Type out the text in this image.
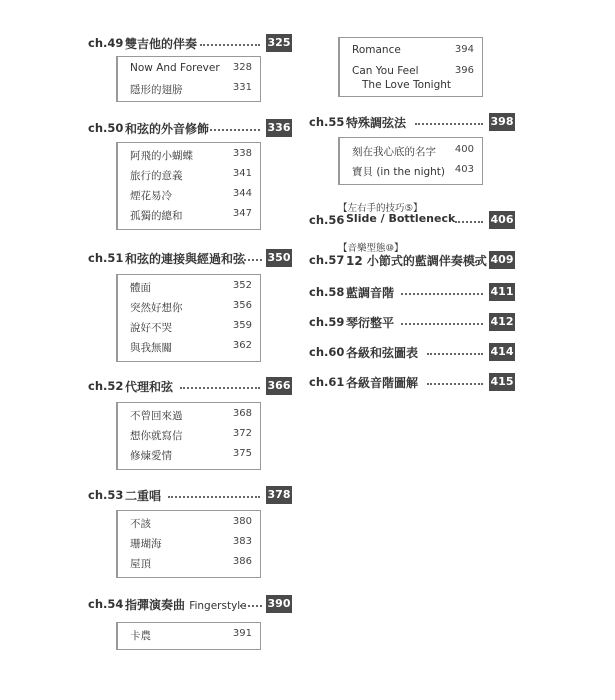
ch.49 雙吉他的伴奏	325
Now And Forever 328
隱形的翅膀	331
ch.50 和弦的外音修飾	336
阿飛的小蝴蝶	338
旅行的意義	341
煙花易冷	344
孤獨的總和	347
ch.51 和弦的連接與經過和弦 350
體面	352
突然好想你	356
說好不哭	359
與我無關	362
ch.52 代理和弦	366
不曾回來過	368
想你就寫信	372
修煉愛情	375
ch.53 二重唱	378
不該	380
珊瑚海	383
屋頂	386
ch.54 指彈演奏曲 Fingerstyle 390
卡農	391
Romance	394
Can You Feel
The Love Tonight
396
ch.55 特殊調弦法	398
刻在我心底的名字 400
寶貝 (in the night) 403
【左右手的技巧⑤】
ch.56 Slide / Bottleneck	406
【音樂型態⑩】
ch.57 12 小節式的藍調伴奏模式 409
ch.58 藍調音階	411
ch.59 琴衍整平	412
ch.60 各級和弦圖表	414
ch.61 各級音階圖解	415
